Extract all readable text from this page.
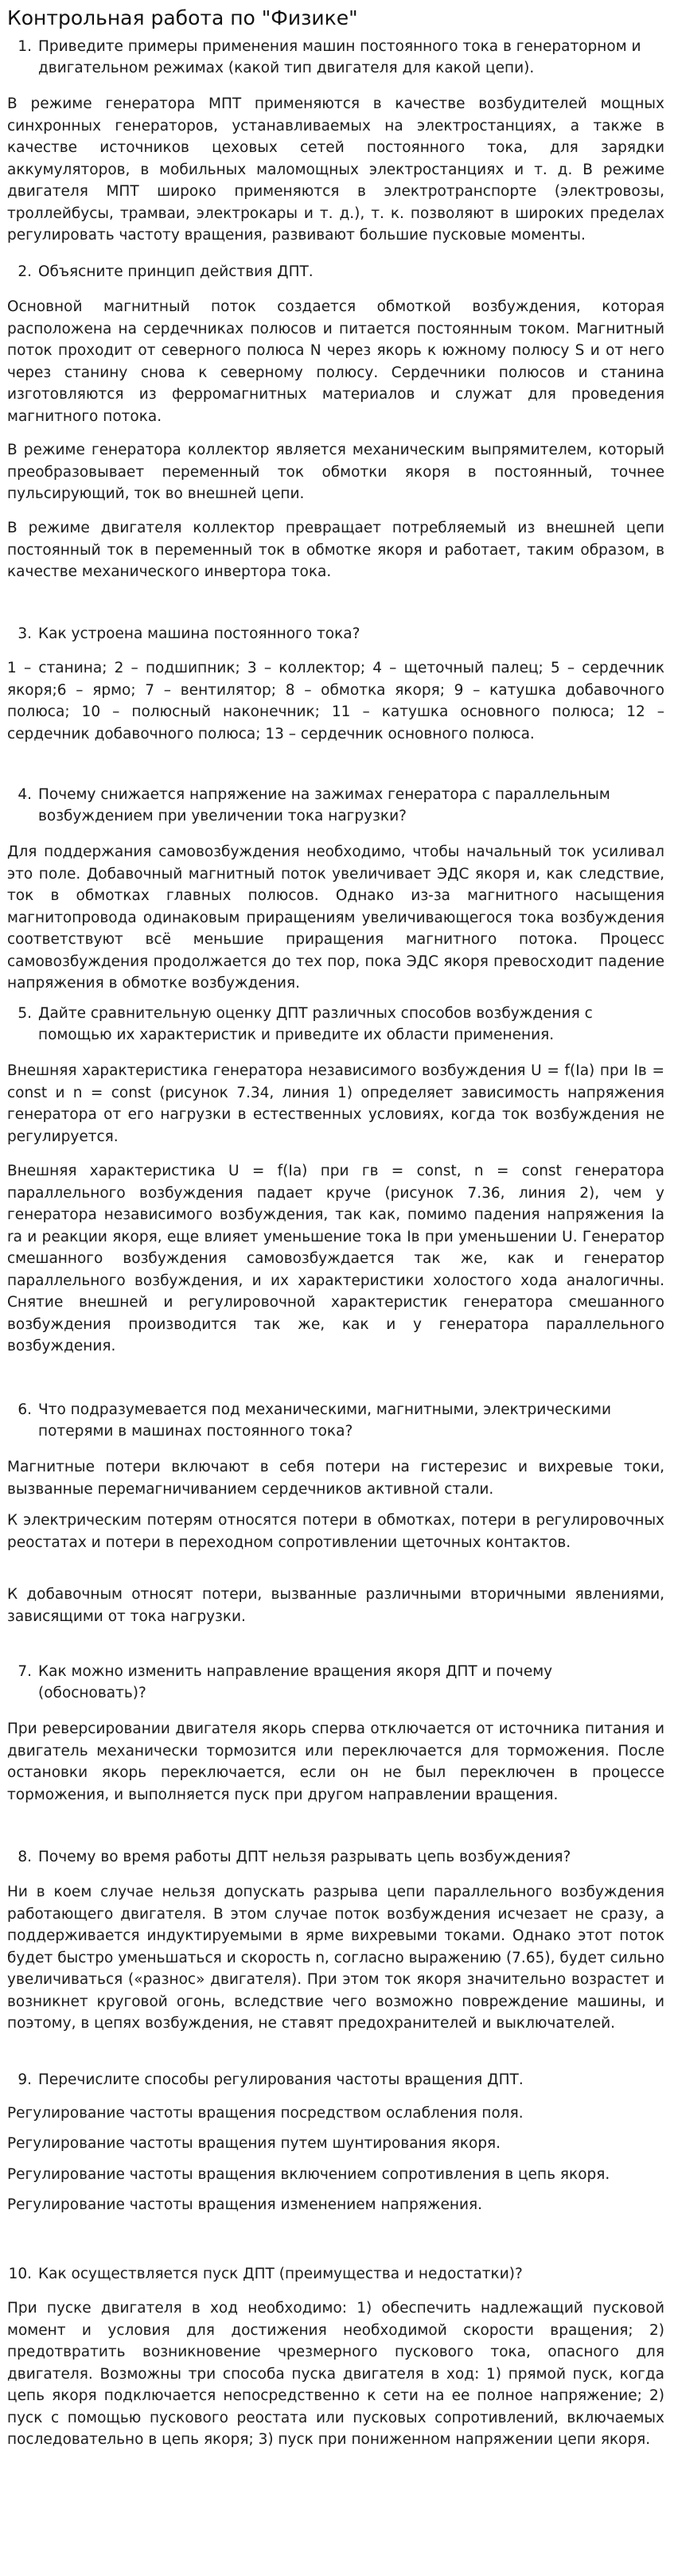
Контрольная работа по "Физике"
1. Приведите примеры применения машин постоянного тока в генераторном и двигательном режимах (какой тип двигателя для какой цепи).

В режиме генератора МПТ применяются в качестве возбудителей мощных синхронных генераторов, устанавливаемых на электростанциях, а также в качестве источников цеховых сетей постоянного тока, для зарядки аккумуляторов, в мобильных маломощных электростанциях и т. д. В режиме двигателя МПТ широко применяются в электротранспорте (электровозы, троллейбусы, трамваи, электрокары и т. д.), т. к. позволяют в широких пределах регулировать частоту вращения, развивают большие пусковые моменты.

2. Объясните принцип действия ДПТ.

Основной магнитный поток создается обмоткой возбуждения, которая расположена на сердечниках полюсов и питается постоянным током. Магнитный поток проходит от северного полюса N через якорь к южному полюсу S и от него через станину снова к северному полюсу. Сердечники полюсов и станина изготовляются из ферромагнитных материалов и служат для проведения магнитного потока.

В режиме генератора коллектор является механическим выпрямителем, который преобразовывает переменный ток обмотки якоря в постоянный, точнее пульсирующий, ток во внешней цепи.

В режиме двигателя коллектор превращает потребляемый из внешней цепи постоянный ток в переменный ток в обмотке якоря и работает, таким образом, в качестве механического инвертора тока.

3. Как устроена машина постоянного тока?

1 – станина; 2 – подшипник; 3 – коллектор; 4 – щеточный палец; 5 – сердечник якоря;6 – ярмо; 7 – вентилятор; 8 – обмотка якоря; 9 – катушка добавочного полюса; 10 – полюсный наконечник; 11 – катушка основного полюса; 12 – сердечник добавочного полюса; 13 – сердечник основного полюса.

4. Почему снижается напряжение на зажимах генератора с параллельным возбуждением при увеличении тока нагрузки?

Для поддержания самовозбуждения необходимо, чтобы начальный ток усиливал это поле. Добавочный магнитный поток увеличивает ЭДС якоря и, как следствие, ток в обмотках главных полюсов. Однако из-за магнитного насыщения магнитопровода одинаковым приращениям увеличивающегося тока возбуждения соответствуют всё меньшие приращения магнитного потока. Процесс самовозбуждения продолжается до тех пор, пока ЭДС якоря превосходит падение напряжения в обмотке возбуждения.

5. Дайте сравнительную оценку ДПТ различных способов возбуждения с помощью их характеристик и приведите их области применения.

Внешняя характеристика генератора независимого возбуждения U = f(Ia) при Iв = const и n = const (рисунок 7.34, линия 1) определяет зависимость напряжения генератора от его нагрузки в естественных условиях, когда ток возбуждения не регулируется.

Внешняя характеристика U = f(Ia) при гв = const, n = const генератора параллельного возбуждения падает круче (рисунок 7.36, линия 2), чем у генератора независимого возбуждения, так как, помимо падения напряжения Ia ra и реакции якоря, еще влияет уменьшение тока Iв при уменьшении U. Генератор смешанного возбуждения самовозбуждается так же, как и генератор параллельного возбуждения, и их характеристики холостого хода аналогичны. Снятие внешней и регулировочной характеристик генератора смешанного возбуждения производится так же, как и у генератора параллельного возбуждения.

6. Что подразумевается под механическими, магнитными, электрическими потерями в машинах постоянного тока?

Магнитные потери включают в себя потери на гистерезис и вихревые токи, вызванные перемагничиванием сердечников активной стали.

К электрическим потерям относятся потери в обмотках, потери в регулировочных реостатах и потери в переходном сопротивлении щеточных контактов.

К добавочным относят потери, вызванные различными вторичными явлениями, зависящими от тока нагрузки.

7. Как можно изменить направление вращения якоря ДПТ и почему (обосновать)?

При реверсировании двигателя якорь сперва отключается от источника питания и двигатель механически тормозится или переключается для торможения. После остановки якорь переключается, если он не был переключен в процессе торможения, и выполняется пуск при другом направлении вращения.

8. Почему во время работы ДПТ нельзя разрывать цепь возбуждения?

Ни в коем случае нельзя допускать разрыва цепи параллельного возбуждения работающего двигателя. В этом случае поток возбуждения исчезает не сразу, а поддерживается индуктируемыми в ярме вихревыми токами. Однако этот поток будет быстро уменьшаться и скорость n, согласно выражению (7.65), будет сильно увеличиваться («разнос» двигателя). При этом ток якоря значительно возрастет и возникнет круговой огонь, вследствие чего возможно повреждение машины, и поэтому, в цепях возбуждения, не ставят предохранителей и выключателей.

9. Перечислите способы регулирования частоты вращения ДПТ.

Регулирование частоты вращения посредством ослабления поля.

Регулирование частоты вращения путем шунтирования якоря.

Регулирование частоты вращения включением сопротивления в цепь якоря.

Регулирование частоты вращения изменением напряжения.

10. Как осуществляется пуск ДПТ (преимущества и недостатки)?

При пуске двигателя в ход необходимо: 1) обеспечить надлежащий пусковой момент и условия для достижения необходимой скорости вращения; 2) предотвратить возникновение чрезмерного пускового тока, опасного для двигателя. Возможны три способа пуска двигателя в ход: 1) прямой пуск, когда цепь якоря подключается непосредственно к сети на ее полное напряжение; 2) пуск с помощью пускового реостата или пусковых сопротивлений, включаемых последовательно в цепь якоря; 3) пуск при пониженном напряжении цепи якоря.
